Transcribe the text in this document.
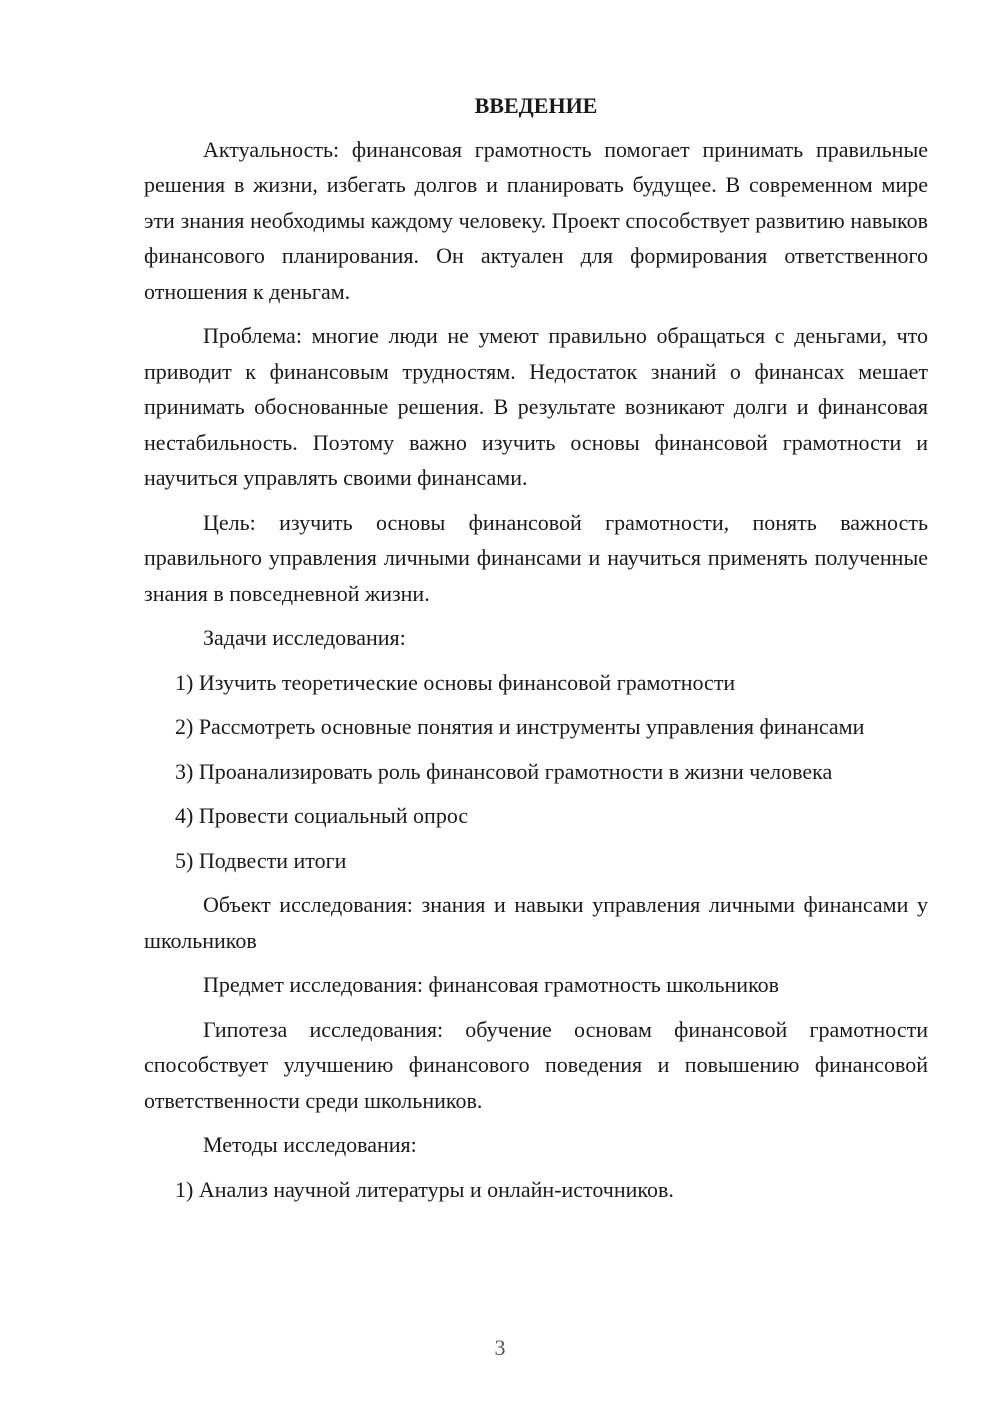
ВВЕДЕНИЕ

Актуальность: финансовая грамотность помогает принимать правильные решения в жизни, избегать долгов и планировать будущее. В современном мире эти знания необходимы каждому человеку. Проект способствует развитию навыков финансового планирования. Он актуален для формирования ответственного отношения к деньгам.

Проблема: многие люди не умеют правильно обращаться с деньгами, что приводит к финансовым трудностям. Недостаток знаний о финансах мешает принимать обоснованные решения. В результате возникают долги и финансовая нестабильность. Поэтому важно изучить основы финансовой грамотности и научиться управлять своими финансами.

Цель: изучить основы финансовой грамотности, понять важность правильного управления личными финансами и научиться применять полученные знания в повседневной жизни.

Задачи исследования:

1) Изучить теоретические основы финансовой грамотности

2) Рассмотреть основные понятия и инструменты управления финансами

3) Проанализировать роль финансовой грамотности в жизни человека

4) Провести социальный опрос

5) Подвести итоги

Объект исследования: знания и навыки управления личными финансами у школьников

Предмет исследования: финансовая грамотность школьников

Гипотеза исследования: обучение основам финансовой грамотности способствует улучшению финансового поведения и повышению финансовой ответственности среди школьников.

Методы исследования:

1) Анализ научной литературы и онлайн-источников.

3
